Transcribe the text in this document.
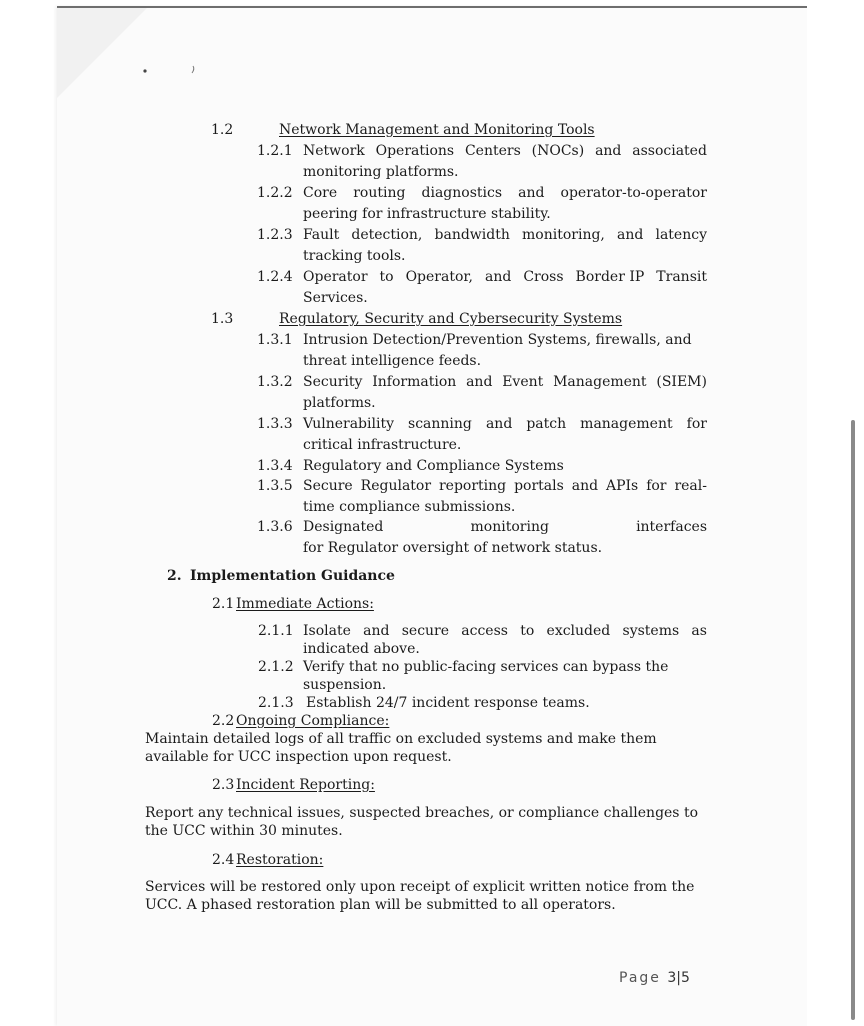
1.2	Network Management and Monitoring Tools
1.2.1 Network Operations Centers (NOCs) and associated
monitoring platforms.
1.2.2 Core routing diagnostics and operator-to-operator
peering for infrastructure stability.
1.2.3 Fault detection, bandwidth monitoring, and latency
tracking tools.
1.2.4 Operator to Operator, and Cross Border IP Transit
Services.
1.3	Regulatory, Security and Cybersecurity Systems
1.3.1 Intrusion Detection/Prevention Systems, firewalls, and
threat intelligence feeds.
1.3.2 Security Information and Event Management (SIEM)
platforms.
1.3.3 Vulnerability scanning and patch management for
critical infrastructure.
1.3.4 Regulatory and Compliance Systems
1.3.5 Secure Regulator reporting portals and APIs for real-
time compliance submissions.
1.3.6 Designated	monitoring	interfaces
for Regulator oversight of network status.
2. Implementation Guidance
2.1 Immediate Actions:
2.1.1 Isolate and secure access to excluded systems as
indicated above.
2.1.2 Verify that no public-facing services can bypass the
suspension.
2.1.3 Establish 24/7 incident response teams.
2.2 Ongoing Compliance:
Maintain detailed logs of all traffic on excluded systems and make them
available for UCC inspection upon request.
2.3 Incident Reporting:
Report any technical issues, suspected breaches, or compliance challenges to
the UCC within 30 minutes.
2.4 Restoration:
Services will be restored only upon receipt of explicit written notice from the
UCC. A phased restoration plan will be submitted to all operators.
Page 3|5
